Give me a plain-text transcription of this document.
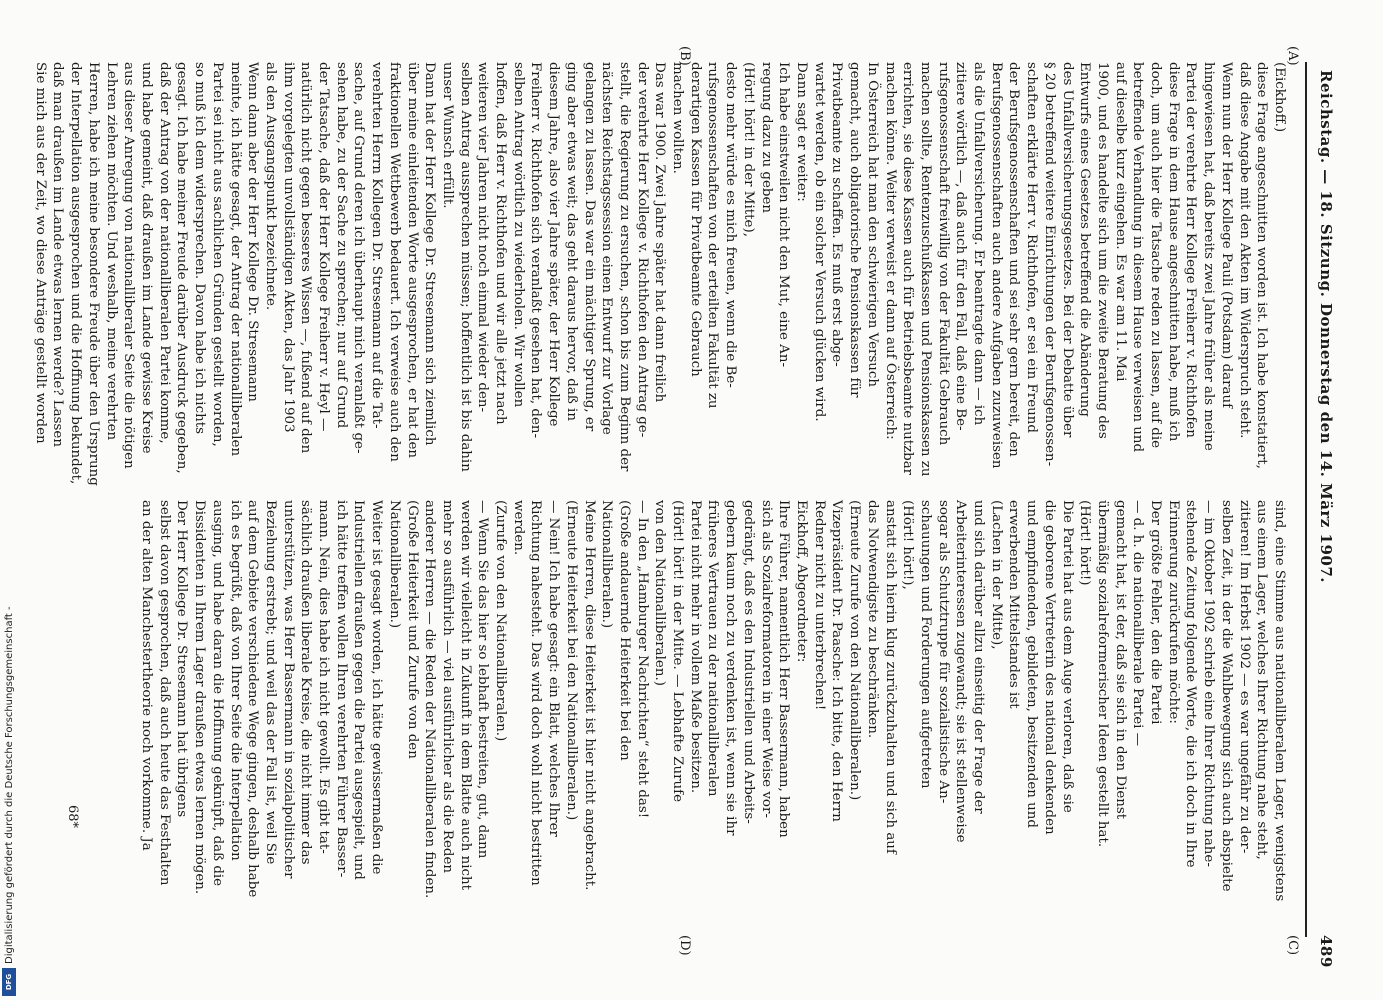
Reichstag. — 18. Sitzung. Donnerstag den 14. März 1907.
489

(Eickhoff.)

diese Frage angeschnitten worden ist. Ich habe konstatiert,

daß diese Angabe mit den Akten im Widerspruch steht.

Wenn nun der Herr Kollege Pauli (Potsdam) darauf

hingewiesen hat, daß bereits zwei Jahre früher als meine

Partei der verehrte Herr Kollege Freiherr v. Richthofen

diese Frage in dem Hause angeschnitten habe, muß ich

doch, um auch hier die Tatsache reden zu lassen, auf die

betreffende Verhandlung in diesem Hause verweisen und

auf dieselbe kurz eingehen. Es war am 11. Mai

1900, und es handelte sich um die zweite Beratung des

Entwurfs eines Gesetzes betreffend die Abänderung

des Unfallversicherungsgesetzes. Bei der Debatte über

§ 20 betreffend weitere Einrichtungen der Berufsgenossen-

schaften erklärte Herr v. Richthofen, er sei ein Freund

der Berufsgenossenschaften und sei sehr gern bereit, den

Berufsgenossenschaften auch andere Aufgaben zuzuweisen

als die Unfallversicherung. Er beantragte dann — ich

zitiere wörtlich —, daß auch für den Fall, daß eine Be-

rufsgenossenschaft freiwillig von der Fakultät Gebrauch

machen sollte, Rentenzuschußkassen und Pensionskassen zu

errichten, sie diese Kassen auch für Betriebsbeamte nutzbar

machen könne. Weiter verweist er dann auf Österreich:

In Österreich hat man den schwierigen Versuch

gemacht, auch obligatorische Pensionskassen für

Privatbeamte zu schaffen. Es muß erst abge-

wartet werden, ob ein solcher Versuch glücken wird.

Dann sagt er weiter:

Ich habe einstweilen nicht den Mut, eine An-

regung dazu zu geben

(Hört! hört! in der Mitte),

desto mehr würde es mich freuen, wenn die Be-

rufsgenossenschaften von der erteilten Fakultät zu

derartigen Kassen für Privatbeamte Gebrauch

machen wollten.

Das war 1900. Zwei Jahre später hat dann freilich

der verehrte Herr Kollege v. Richthofen den Antrag ge-

stellt, die Regierung zu ersuchen, schon bis zum Beginn der

nächsten Reichstagssession einen Entwurf zur Vorlage

gelangen zu lassen. Das war ein mächtiger Sprung, er

ging aber etwas weit; das geht daraus hervor, daß in

diesem Jahre, also vier Jahre später, der Herr Kollege

Freiherr v. Richthofen sich veranlaßt gesehen hat, den-

selben Antrag wörtlich zu wiederholen. Wir wollen

hoffen, daß Herr v. Richthofen und wir alle jetzt nach

weiteren vier Jahren nicht noch einmal wieder den-

selben Antrag aussprechen müssen; hoffentlich ist bis dahin

unser Wunsch erfüllt.

Dann hat der Herr Kollege Dr. Stresemann sich ziemlich

über meine einleitenden Worte ausgesprochen, er hat den

fraktionellen Wettbewerb bedauert. Ich verweise auch den

verehrten Herrn Kollegen Dr. Stresemann auf die Tat-

sache, auf Grund deren ich überhaupt mich veranlaßt ge-

sehen habe, zu der Sache zu sprechen; nur auf Grund

der Tatsache, daß der Herr Kollege Freiherr v. Heyl —

natürlich nicht gegen besseres Wissen —, fußend auf den

ihm vorgelegten unvollständigen Akten, das Jahr 1903

als den Ausgangspunkt bezeichnete.

Wenn dann aber der Herr Kollege Dr. Stresemann

meinte, ich hätte gesagt, der Antrag der nationalliberalen

Partei sei nicht aus sachlichen Gründen gestellt worden,

so muß ich dem widersprechen. Davon habe ich nichts

gesagt. Ich habe meiner Freude darüber Ausdruck gegeben,

daß der Antrag von der nationalliberalen Partei komme,

und habe gemeint, daß draußen im Lande gewisse Kreise

aus dieser Anregung von nationalliberaler Seite die nötigen

Lehren ziehen möchten. Und weshalb, meine verehrten

Herren, habe ich meine besondere Freude über den Ursprung

der Interpellation ausgesprochen und die Hoffnung bekundet,

daß man draußen im Lande etwas lernen werde? Lassen

Sie mich aus der Zeit, wo diese Anträge gestellt worden

sind, eine Stimme aus nationalliberalem Lager, wenigstens

aus einem Lager, welches Ihrer Richtung nahe steht,

zitieren! Im Herbst 1902 — es war ungefähr zu der-

selben Zeit, in der die Wahlbewegung sich auch abspielte

— im Oktober 1902 schrieb eine Ihrer Richtung nahe-

stehende Zeitung folgende Worte, die ich doch in Ihre

Erinnerung zurückrufen möchte:

Der größte Fehler, den die Partei

— d. h. die nationalliberale Partei —

gemacht hat, ist der, daß sie sich in den Dienst

übermäßig sozialreformerischer Ideen gestellt hat.

(Hört! hört!)

Die Partei hat aus dem Auge verloren, daß sie

die geborene Vertreterin des national denkenden

und empfindenden, gebildeten, besitzenden und

erwerbenden Mittelstandes ist

(Lachen in der Mitte),

und sich darüber allzu einseitig der Frage der

Arbeiterinteressen zugewandt; sie ist stellenweise

sogar als Schutztruppe für sozialistische An-

schauungen und Forderungen aufgetreten

(Hört! hört!),

anstatt sich hierin klug zurückzuhalten und sich auf

das Notwendigste zu beschränken.

(Erneute Zurufe von den Nationalliberalen.)

Vizepräsident Dr. Paasche: Ich bitte, den Herrn

Redner nicht zu unterbrechen!

Eickhoff, Abgeordneter:

Ihre Führer, namentlich Herr Bassermann, haben

sich als Sozialreformatoren in einer Weise vor-

gedrängt, daß es den Industriellen und Arbeits-

gebern kaum noch zu verdenken ist, wenn sie ihr

früheres Vertrauen zu der nationalliberalen

Partei nicht mehr in vollem Maße besitzen.

(Hört! hört! in der Mitte. — Lebhafte Zurufe

von den Nationalliberalen.)

— In den „Hamburger Nachrichten“ steht das!

(Große andauernde Heiterkeit bei den

Nationalliberalen.)

Meine Herren, diese Heiterkeit ist hier nicht angebracht.

(Erneute Heiterkeit bei den Nationalliberalen.)

— Nein! Ich habe gesagt: ein Blatt, welches Ihrer

Richtung nahesteht. Das wird doch wohl nicht bestritten

werden.

(Zurufe von den Nationalliberalen.)

— Wenn Sie das hier so lebhaft bestreiten, gut, dann

werden wir vielleicht in Zukunft in dem Blatte auch nicht

mehr so ausführlich — viel ausführlicher als die Reden

anderer Herren — die Reden der Nationalliberalen finden.

(Große Heiterkeit und Zurufe von den

Nationalliberalen.)

Weiter ist gesagt worden, ich hätte gewissermaßen die

Industriellen draußen gegen die Partei ausgespielt, und

ich hätte treffen wollen Ihren verehrten Führer Basser-

mann. Nein, dies habe ich nicht gewollt. Es gibt tat-

sächlich draußen liberale Kreise, die nicht immer das

unterstützen, was Herr Bassermann in sozialpolitischer

Beziehung erstrebt; und weil das der Fall ist, weil Sie

auf dem Gebiete verschiedene Wege gingen, deshalb habe

ich es begrüßt, daß von Ihrer Seite die Interpellation

ausging, und habe daran die Hoffnung geknüpft, daß die

Dissidenten in Ihrem Lager draußen etwas lernen mögen.

Der Herr Kollege Dr. Stresemann hat übrigens

selbst davon gesprochen, daß auch heute das Festhalten

an der alten Manchestertheorie noch vorkomme. Ja

(A)
(B)
(C)
(D)
68*
Digitalisierung gefördert durch die Deutsche Forschungsgemeinschaft -
DFG
